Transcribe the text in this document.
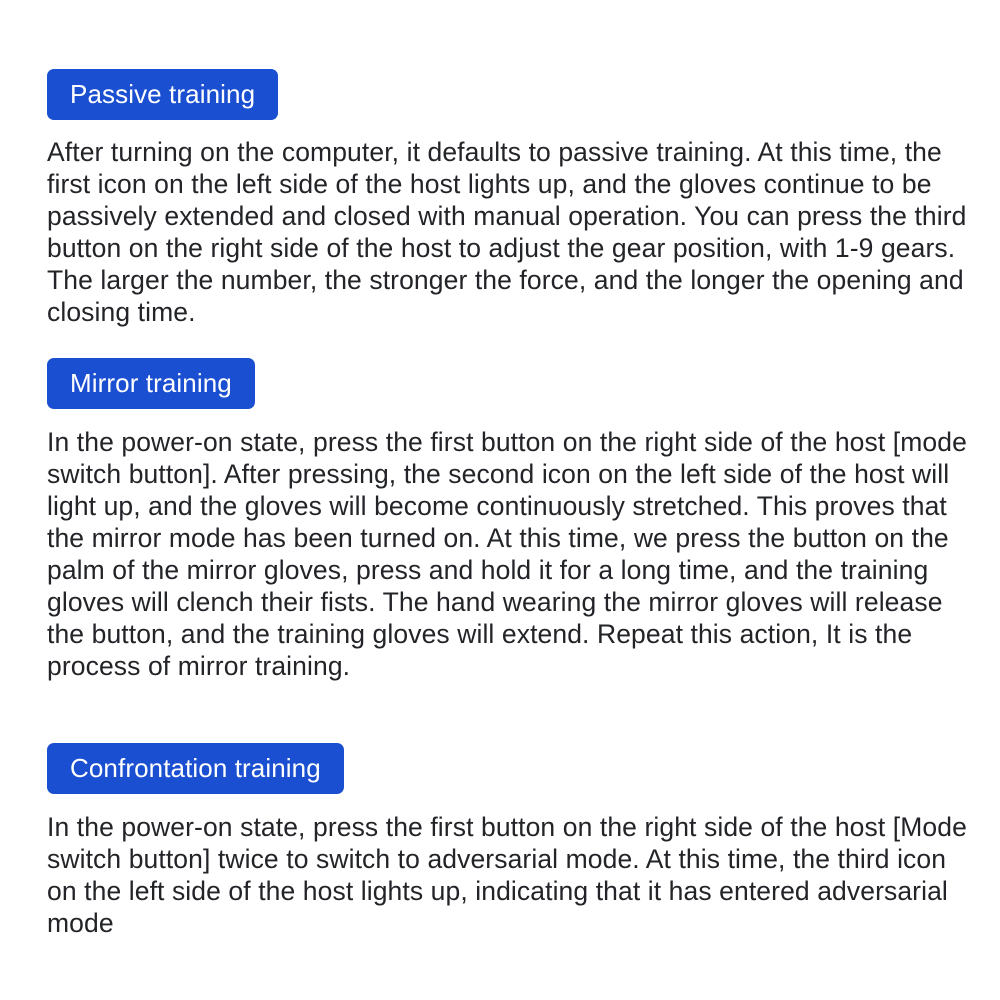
Passive training

After turning on the computer, it defaults to passive training. At this time, the first icon on the left side of the host lights up, and the gloves continue to be passively extended and closed with manual operation. You can press the third button on the right side of the host to adjust the gear position, with 1-9 gears. The larger the number, the stronger the force, and the longer the opening and closing time.

Mirror training

In the power-on state, press the first button on the right side of the host [mode switch button]. After pressing, the second icon on the left side of the host will light up, and the gloves will become continuously stretched. This proves that the mirror mode has been turned on. At this time, we press the button on the palm of the mirror gloves, press and hold it for a long time, and the training gloves will clench their fists. The hand wearing the mirror gloves will release the button, and the training gloves will extend. Repeat this action, It is the process of mirror training.

Confrontation training

In the power-on state, press the first button on the right side of the host [Mode switch button] twice to switch to adversarial mode. At this time, the third icon on the left side of the host lights up, indicating that it has entered adversarial mode
